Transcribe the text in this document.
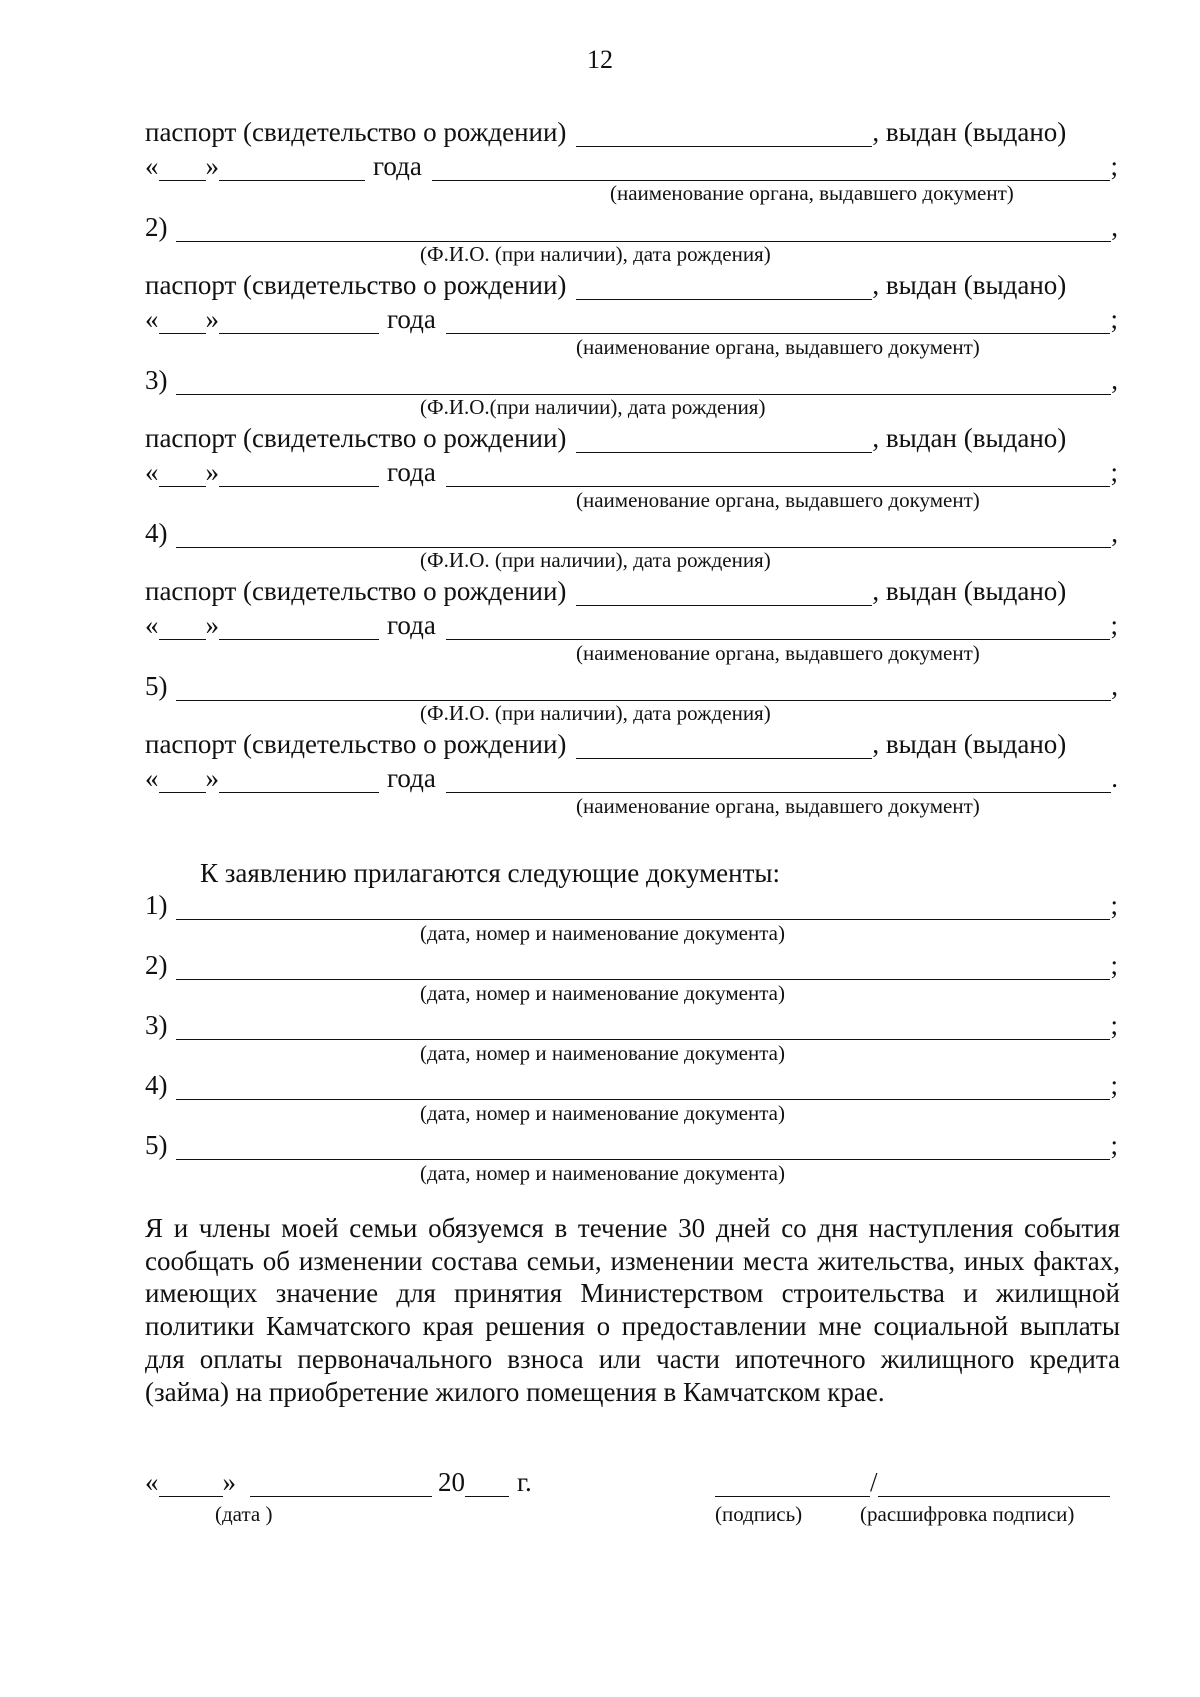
12
паспорт (свидетельство о рождении)	, выдан (выдано)
« »	года	;
(наименование органа, выдавшего документ)
2)	,
(Ф.И.О. (при наличии), дата рождения)
паспорт (свидетельство о рождении)	, выдан (выдано)
« »	года	;
(наименование органа, выдавшего документ)
3)	,
(Ф.И.О.(при наличии), дата рождения)
паспорт (свидетельство о рождении)	, выдан (выдано)
« »	года	;
(наименование органа, выдавшего документ)
4)	,
(Ф.И.О. (при наличии), дата рождения)
паспорт (свидетельство о рождении)	, выдан (выдано)
« »	года	;
(наименование органа, выдавшего документ)
5)	,
(Ф.И.О. (при наличии), дата рождения)
паспорт (свидетельство о рождении)	, выдан (выдано)
« »	года	.
(наименование органа, выдавшего документ)
К заявлению прилагаются следующие документы:
1)	;
(дата, номер и наименование документа)
2)	;
(дата, номер и наименование документа)
3)	;
(дата, номер и наименование документа)
4)	;
(дата, номер и наименование документа)
5)	;
(дата, номер и наименование документа)
Я и члены моей семьи обязуемся в течение 30 дней со дня наступления события сообщать об изменении состава семьи, изменении места жительства, иных фактах, имеющих значение для принятия Министерством строительства и жилищной политики Камчатского края решения о предоставлении мне социальной выплаты для оплаты первоначального взноса или части ипотечного жилищного кредита (займа) на приобретение жилого помещения в Камчатском крае.
« »	20 г.	/
(дата )	(подпись)	(расшифровка подписи)
